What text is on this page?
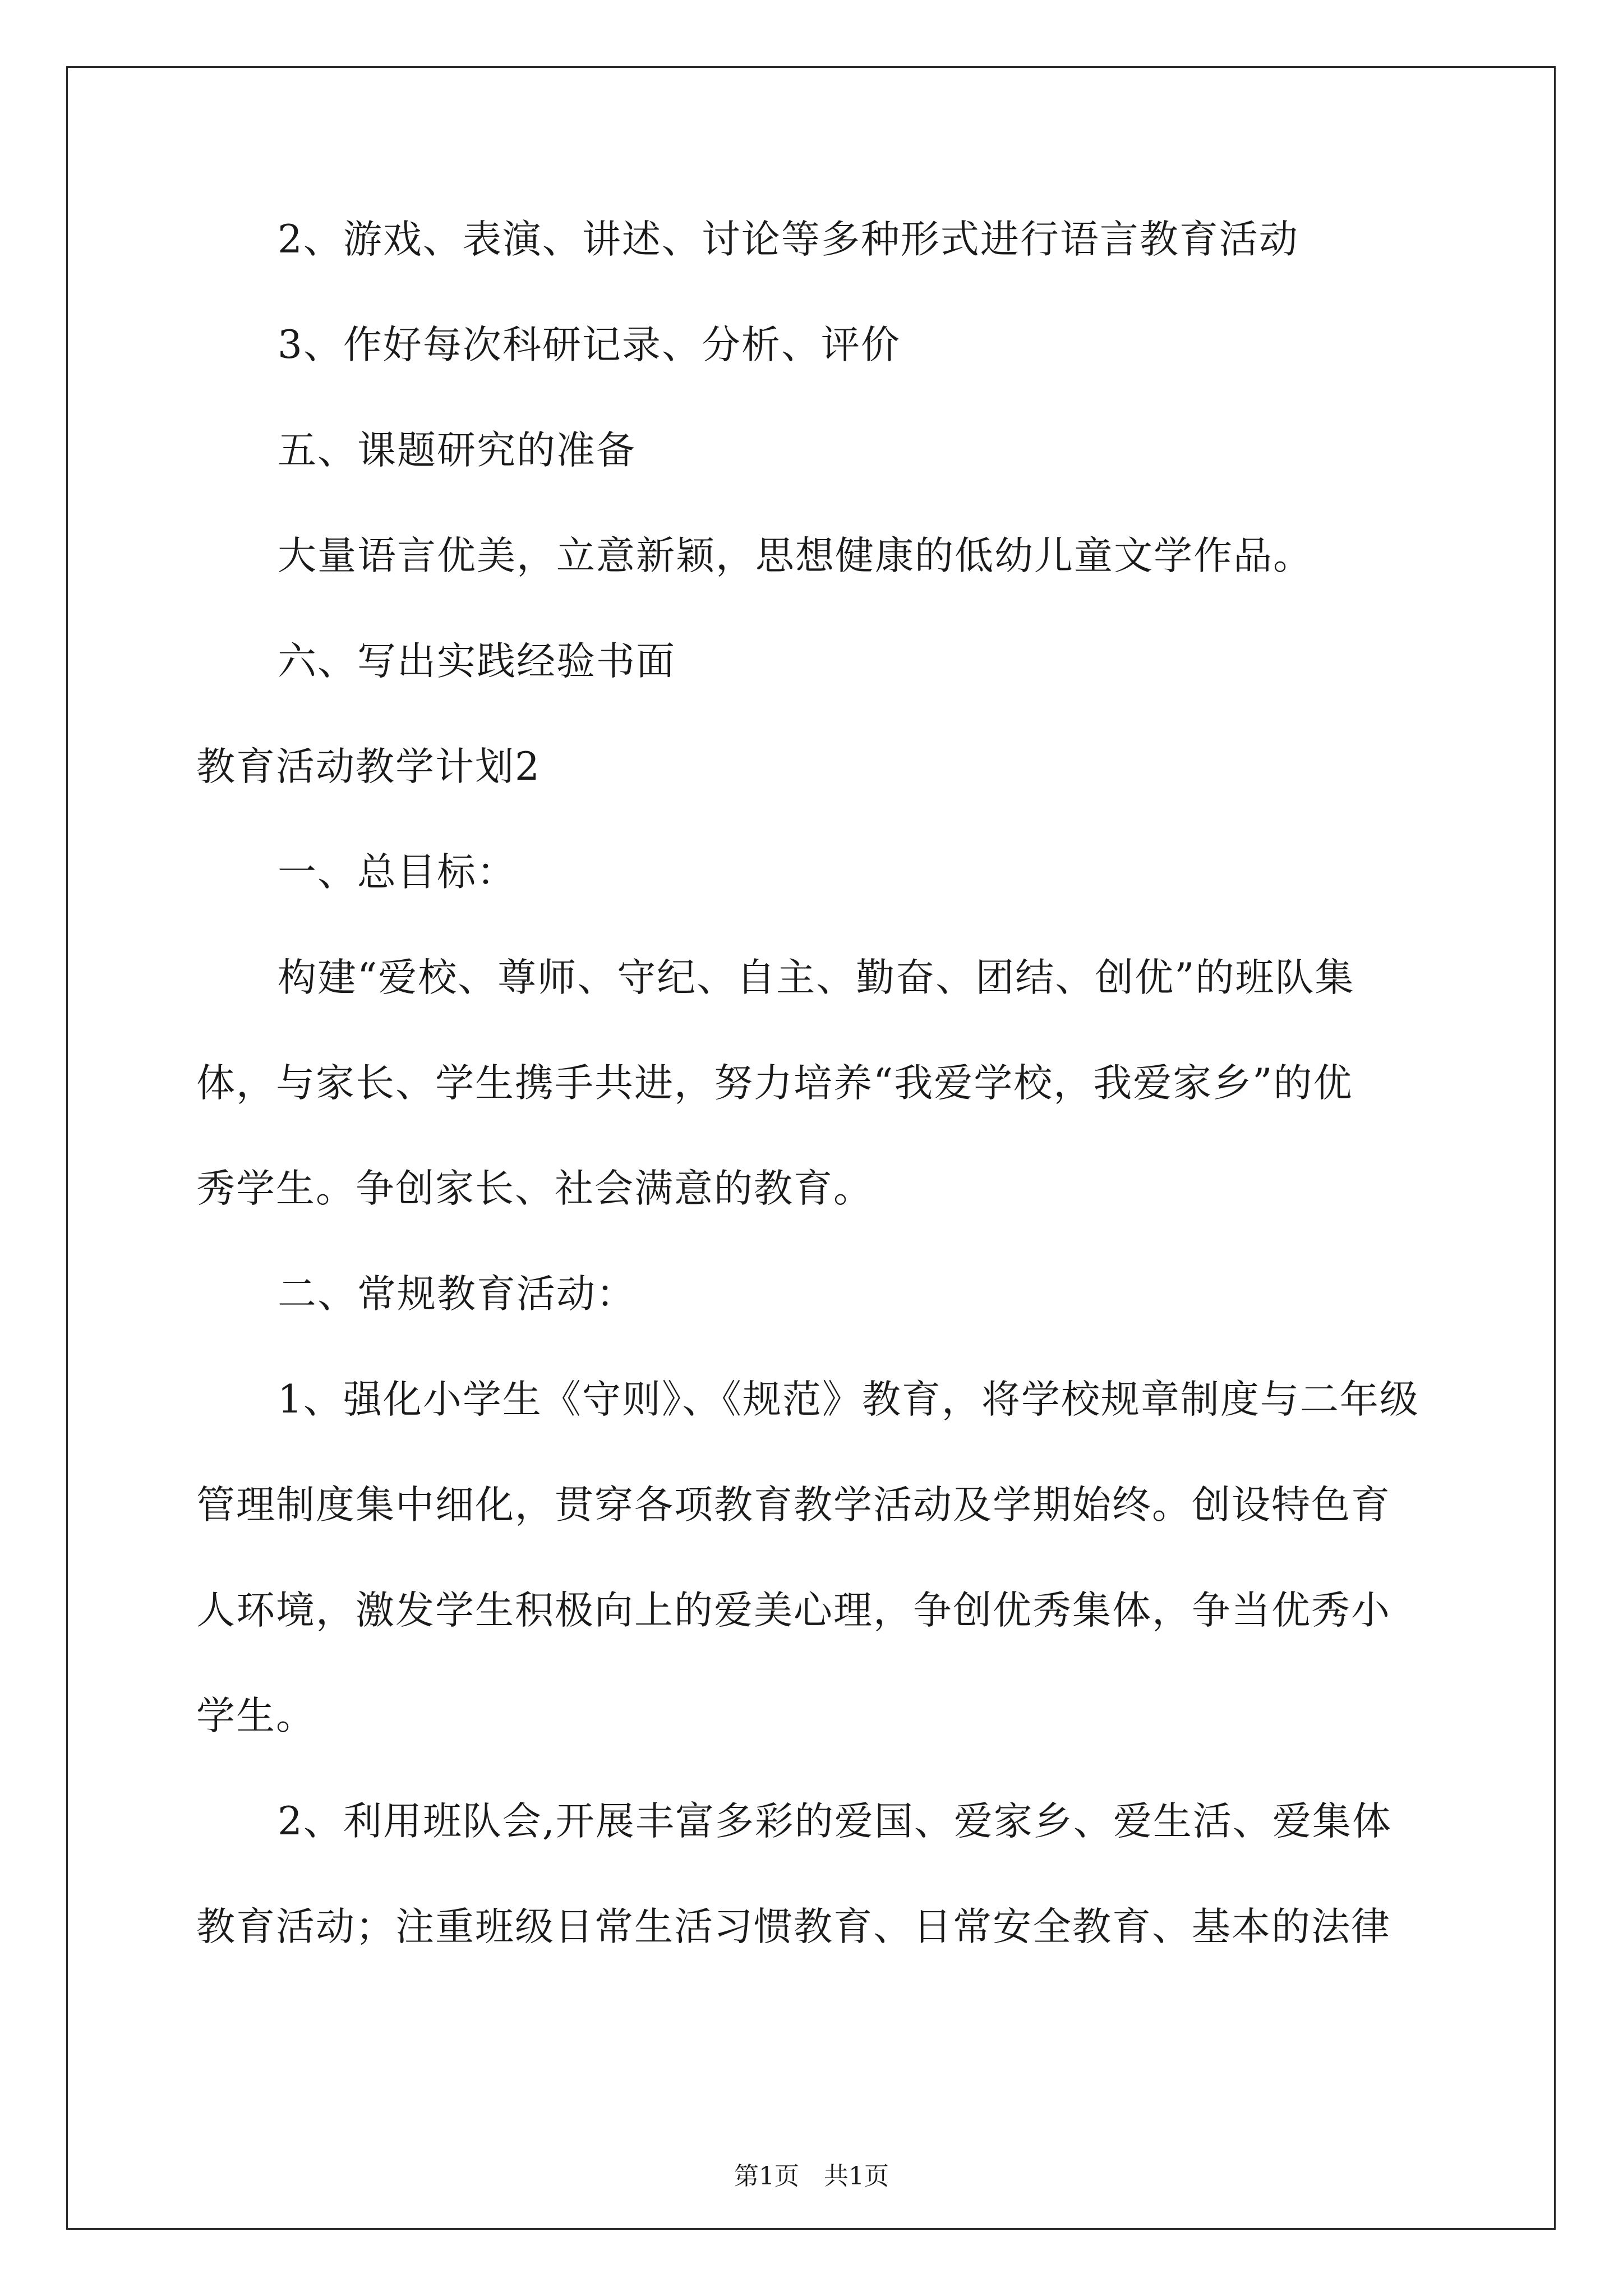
2、游戏、表演、讲述、讨论等多种形式进行语言教育活动
3、作好每次科研记录、分析、评价
五、课题研究的准备
大量语言优美，立意新颖，思想健康的低幼儿童文学作品。
六、写出实践经验书面
教育活动教学计划2
一、总目标：
构建“爱校、尊师、守纪、自主、勤奋、团结、创优”的班队集
体，与家长、学生携手共进，努力培养“我爱学校，我爱家乡”的优
秀学生。争创家长、社会满意的教育。
二、常规教育活动：
1、强化小学生《守则》、《规范》教育，将学校规章制度与二年级
管理制度集中细化，贯穿各项教育教学活动及学期始终。创设特色育
人环境，激发学生积极向上的爱美心理，争创优秀集体，争当优秀小
学生。
2、利用班队会,开展丰富多彩的爱国、爱家乡、爱生活、爱集体
教育活动；注重班级日常生活习惯教育、日常安全教育、基本的法律
第1页　共1页
